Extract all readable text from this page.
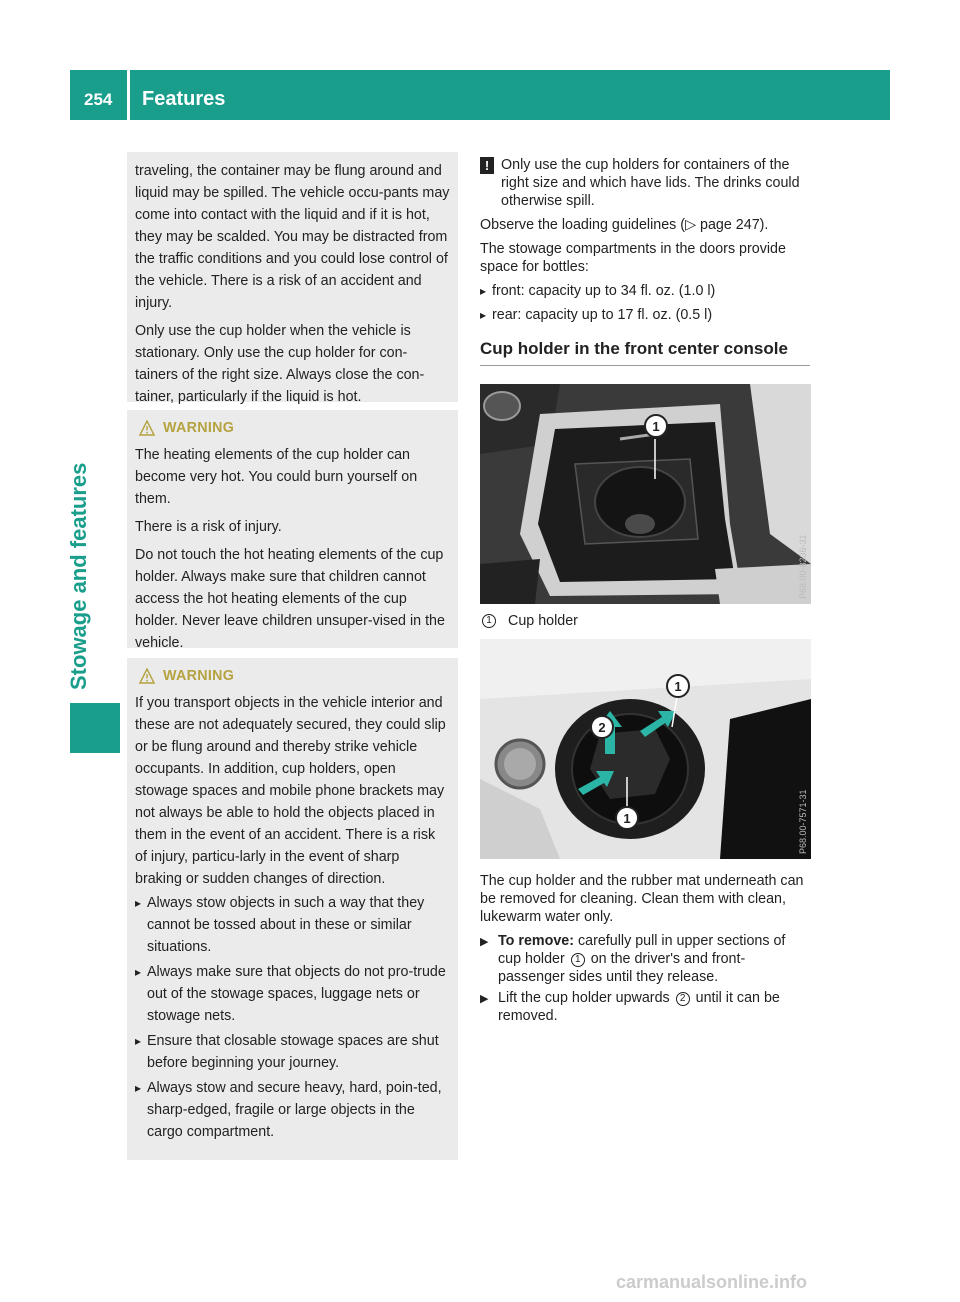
254 Features
Stowage and features

traveling, the container may be flung around and liquid may be spilled. The vehicle occu-pants may come into contact with the liquid and if it is hot, they may be scalded. You may be distracted from the traffic conditions and you could lose control of the vehicle. There is a risk of an accident and injury.

Only use the cup holder when the vehicle is stationary. Only use the cup holder for con-tainers of the right size. Always close the con-tainer, particularly if the liquid is hot.

WARNING

The heating elements of the cup holder can become very hot. You could burn yourself on them.

There is a risk of injury.

Do not touch the hot heating elements of the cup holder. Always make sure that children cannot access the hot heating elements of the cup holder. Never leave children unsuper-vised in the vehicle.

WARNING

If you transport objects in the vehicle interior and these are not adequately secured, they could slip or be flung around and thereby strike vehicle occupants. In addition, cup holders, open stowage spaces and mobile phone brackets may not always be able to hold the objects placed in them in the event of an accident. There is a risk of injury, particu-larly in the event of sharp braking or sudden changes of direction.

▸ Always stow objects in such a way that they cannot be tossed about in these or similar situations.
▸ Always make sure that objects do not pro-trude out of the stowage spaces, luggage nets or stowage nets.
▸ Ensure that closable stowage spaces are shut before beginning your journey.
▸ Always stow and secure heavy, hard, poin-ted, sharp-edged, fragile or large objects in the cargo compartment.
! Only use the cup holders for containers of the right size and which have lids. The drinks could otherwise spill.

Observe the loading guidelines (▷ page 247).

The stowage compartments in the doors provide space for bottles:

▸ front: capacity up to 34 fl. oz. (1.0 l)
▸ rear: capacity up to 17 fl. oz. (0.5 l)
Cup holder in the front center console
1
P68.00-8236-31
1 Cup holder
1
2
1	P68.00-7571-31

The cup holder and the rubber mat underneath can be removed for cleaning. Clean them with clean, lukewarm water only.

▶ To remove: carefully pull in upper sections of cup holder 1 on the driver's and front-passenger sides until they release.
▶ Lift the cup holder upwards 2 until it can be removed.
carmanualsonline.info
